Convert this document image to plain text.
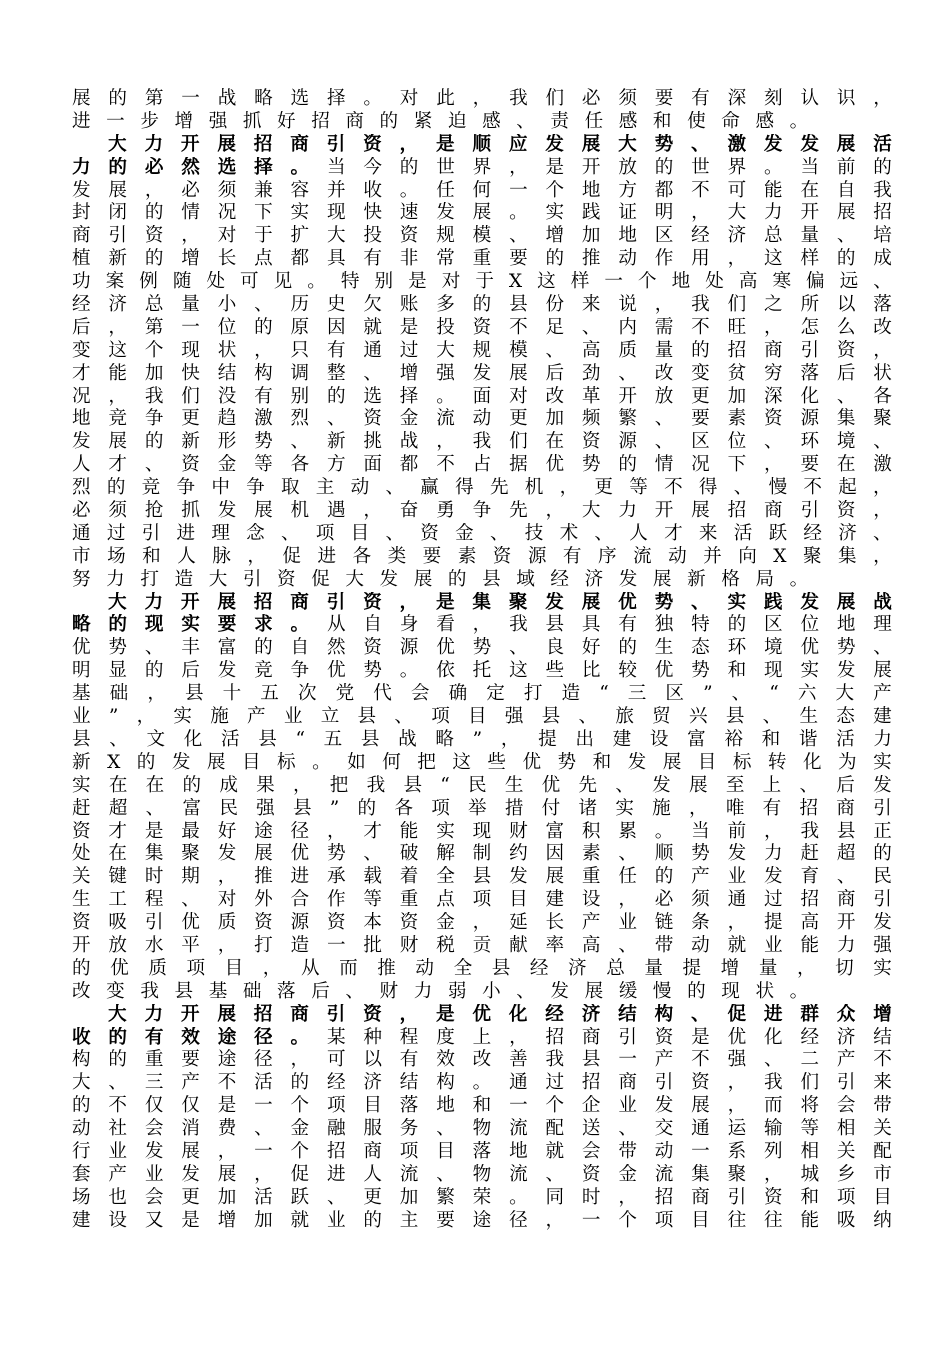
展 的 第 一 战 略 选 择 。 对 此 ， 我 们 必 须 要 有 深 刻 认 识 ，
进 一 步 增 强 抓 好 招 商 的 紧 迫 感 、 责 任 感 和 使 命 感 。
大 力 开 展 招 商 引 资 ， 是 顺 应 发 展 大 势 、 激 发 发 展 活
力 的 必 然 选 择 。 当 今 的 世 界 ， 是 开 放 的 世 界 。 当 前 的
发 展 ， 必 须 兼 容 并 收 。 任 何 一 个 地 方 都 不 可 能 在 自 我
封 闭 的 情 况 下 实 现 快 速 发 展 。 实 践 证 明 ， 大 力 开 展 招
商 引 资 ， 对 于 扩 大 投 资 规 模 、 增 加 地 区 经 济 总 量 、 培
植 新 的 增 长 点 都 具 有 非 常 重 要 的 推 动 作 用 ， 这 样 的 成
功 案 例 随 处 可 见 。 特 别 是 对 于 X 这 样 一 个 地 处 高 寒 偏 远 、
经 济 总 量 小 、 历 史 欠 账 多 的 县 份 来 说 ， 我 们 之 所 以 落
后 ， 第 一 位 的 原 因 就 是 投 资 不 足 、 内 需 不 旺 ， 怎 么 改
变 这 个 现 状 ， 只 有 通 过 大 规 模 、 高 质 量 的 招 商 引 资 ，
才 能 加 快 结 构 调 整 、 增 强 发 展 后 劲 、 改 变 贫 穷 落 后 状
况 ， 我 们 没 有 别 的 选 择 。 面 对 改 革 开 放 更 加 深 化 、 各
地 竞 争 更 趋 激 烈 、 资 金 流 动 更 加 频 繁 、 要 素 资 源 集 聚
发 展 的 新 形 势 、 新 挑 战 ， 我 们 在 资 源 、 区 位 、 环 境 、
人 才 、 资 金 等 各 方 面 都 不 占 据 优 势 的 情 况 下 ， 要 在 激
烈 的 竞 争 中 争 取 主 动 、 赢 得 先 机 ， 更 等 不 得 、 慢 不 起 ，
必 须 抢 抓 发 展 机 遇 ， 奋 勇 争 先 ， 大 力 开 展 招 商 引 资 ，
通 过 引 进 理 念 、 项 目 、 资 金 、 技 术 、 人 才 来 活 跃 经 济 、
市 场 和 人 脉 ， 促 进 各 类 要 素 资 源 有 序 流 动 并 向 X 聚 集 ，
努 力 打 造 大 引 资 促 大 发 展 的 县 域 经 济 发 展 新 格 局 。
大 力 开 展 招 商 引 资 ， 是 集 聚 发 展 优 势 、 实 践 发 展 战
略 的 现 实 要 求 。 从 自 身 看 ， 我 县 具 有 独 特 的 区 位 地 理
优 势 、 丰 富 的 自 然 资 源 优 势 、 良 好 的 生 态 环 境 优 势 、
明 显 的 后 发 竞 争 优 势 。 依 托 这 些 比 较 优 势 和 现 实 发 展
基 础 ， 县 十 五 次 党 代 会 确 定 打 造 “ 三 区 ” 、 “ 六 大 产
业 ” ， 实 施 产 业 立 县 、 项 目 强 县 、 旅 贸 兴 县 、 生 态 建
县 、 文 化 活 县 “ 五 县 战 略 ” ， 提 出 建 设 富 裕 和 谐 活 力
新 X 的 发 展 目 标 。 如 何 把 这 些 优 势 和 发 展 目 标 转 化 为 实
实 在 在 的 成 果 ， 把 我 县 “ 民 生 优 先 、 发 展 至 上 、 后 发
赶 超 、 富 民 强 县 ” 的 各 项 举 措 付 诸 实 施 ， 唯 有 招 商 引
资 才 是 最 好 途 径 ， 才 能 实 现 财 富 积 累 。 当 前 ， 我 县 正
处 在 集 聚 发 展 优 势 、 破 解 制 约 因 素 、 顺 势 发 力 赶 超 的
关 键 时 期 ， 推 进 承 载 着 全 县 发 展 重 任 的 产 业 发 育 、 民
生 工 程 、 对 外 合 作 等 重 点 项 目 建 设 ， 必 须 通 过 招 商 引
资 吸 引 优 质 资 源 资 本 资 金 ， 延 长 产 业 链 条 ， 提 高 开 发
开 放 水 平 ， 打 造 一 批 财 税 贡 献 率 高 、 带 动 就 业 能 力 强
的 优 质 项 目 ， 从 而 推 动 全 县 经 济 总 量 提 增 量 ， 切 实
改 变 我 县 基 础 落 后 、 财 力 弱 小 、 发 展 缓 慢 的 现 状 。
大 力 开 展 招 商 引 资 ， 是 优 化 经 济 结 构 、 促 进 群 众 增
收 的 有 效 途 径 。 某 种 程 度 上 ， 招 商 引 资 是 优 化 经 济 结
构 的 重 要 途 径 ， 可 以 有 效 改 善 我 县 一 产 不 强 、 二 产 不
大 、 三 产 不 活 的 经 济 结 构 。 通 过 招 商 引 资 ， 我 们 引 来
的 不 仅 仅 是 一 个 项 目 落 地 和 一 个 企 业 发 展 ， 而 将 会 带
动 社 会 消 费 、 金 融 服 务 、 物 流 配 送 、 交 通 运 输 等 相 关
行 业 发 展 ， 一 个 招 商 项 目 落 地 就 会 带 动 一 系 列 相 关 配
套 产 业 发 展 ， 促 进 人 流 、 物 流 、 资 金 流 集 聚 ， 城 乡 市
场 也 会 更 加 活 跃 、 更 加 繁 荣 。 同 时 ， 招 商 引 资 和 项 目
建 设 又 是 增 加 就 业 的 主 要 途 径 ， 一 个 项 目 往 往 能 吸 纳
